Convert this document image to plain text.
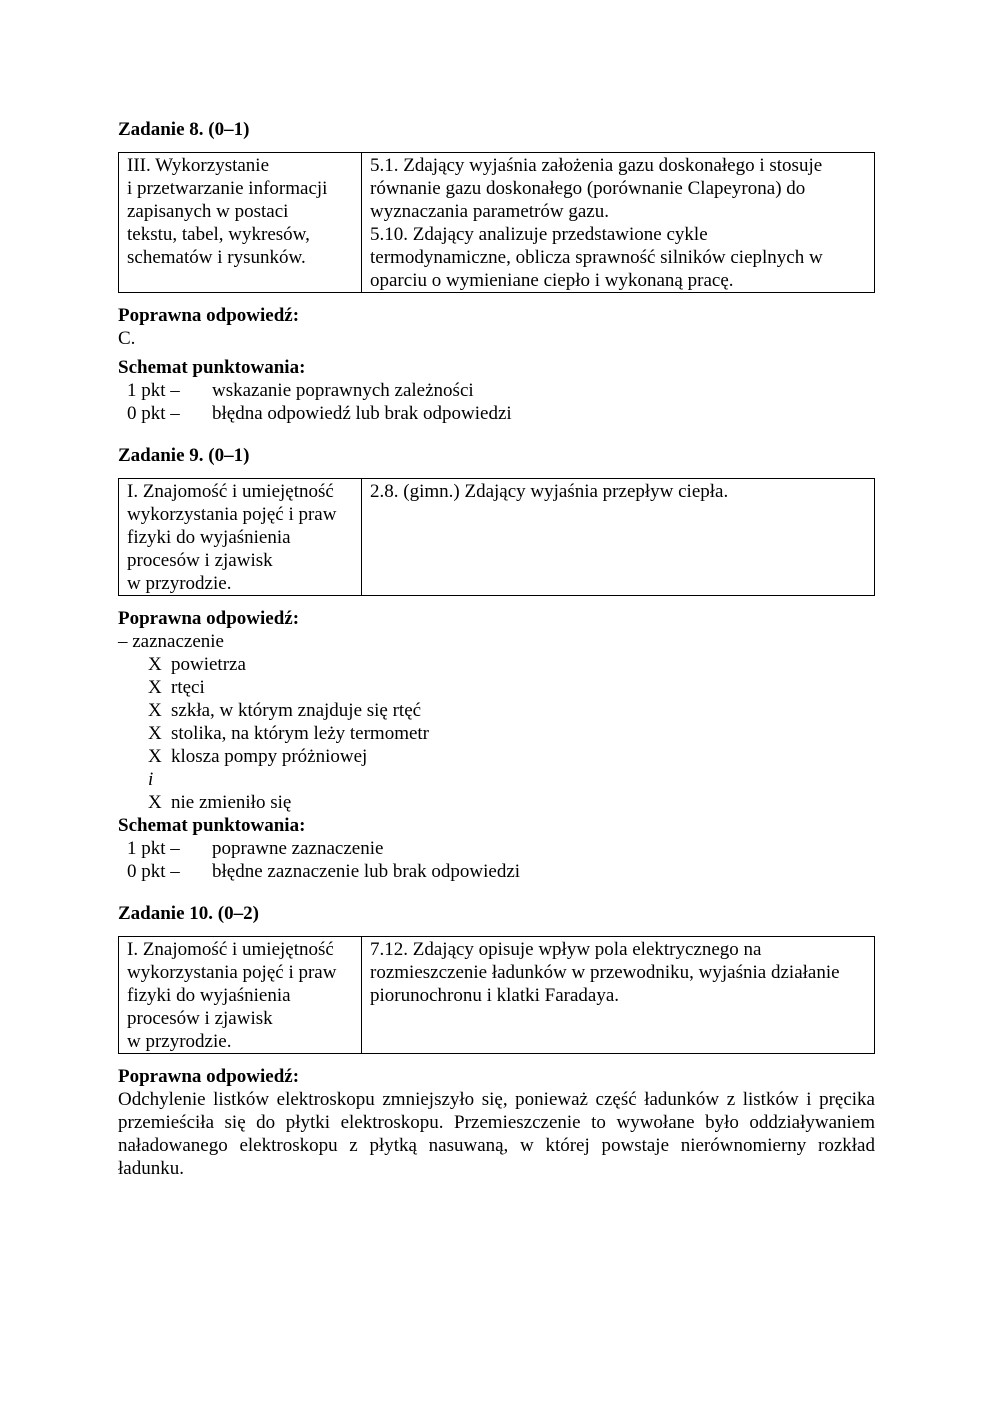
Zadanie 8. (0–1)

III. Wykorzystanie
i przetwarzanie informacji
zapisanych w postaci
tekstu, tabel, wykresów,
schematów i rysunków.

5.1. Zdający wyjaśnia założenia gazu doskonałego i stosuje
równanie gazu doskonałego (porównanie Clapeyrona) do
wyznaczania parametrów gazu.
5.10. Zdający analizuje przedstawione cykle
termodynamiczne, oblicza sprawność silników cieplnych w
oparciu o wymieniane ciepło i wykonaną pracę.
Poprawna odpowiedź:
C.
Schemat punktowania:
1 pkt –	wskazanie poprawnych zależności
0 pkt –	błędna odpowiedź lub brak odpowiedzi

Zadanie 9. (0–1)

I. Znajomość i umiejętność
wykorzystania pojęć i praw
fizyki do wyjaśnienia
procesów i zjawisk
w przyrodzie.

2.8. (gimn.) Zdający wyjaśnia przepływ ciepła.
Poprawna odpowiedź:
– zaznaczenie
X powietrza
X rtęci
X szkła, w którym znajduje się rtęć
X stolika, na którym leży termometr
X klosza pompy próżniowej
i
X nie zmieniło się
Schemat punktowania:
1 pkt –	poprawne zaznaczenie
0 pkt –	błędne zaznaczenie lub brak odpowiedzi

Zadanie 10. (0–2)

I. Znajomość i umiejętność
wykorzystania pojęć i praw
fizyki do wyjaśnienia
procesów i zjawisk
w przyrodzie.

7.12. Zdający opisuje wpływ pola elektrycznego na
rozmieszczenie ładunków w przewodniku, wyjaśnia działanie
piorunochronu i klatki Faradaya.
Poprawna odpowiedź:
Odchylenie listków elektroskopu zmniejszyło się, ponieważ część ładunków z listków i pręcika przemieściła się do płytki elektroskopu. Przemieszczenie to wywołane było oddziaływaniem naładowanego elektroskopu z płytką nasuwaną, w której powstaje nierównomierny rozkład ładunku.
